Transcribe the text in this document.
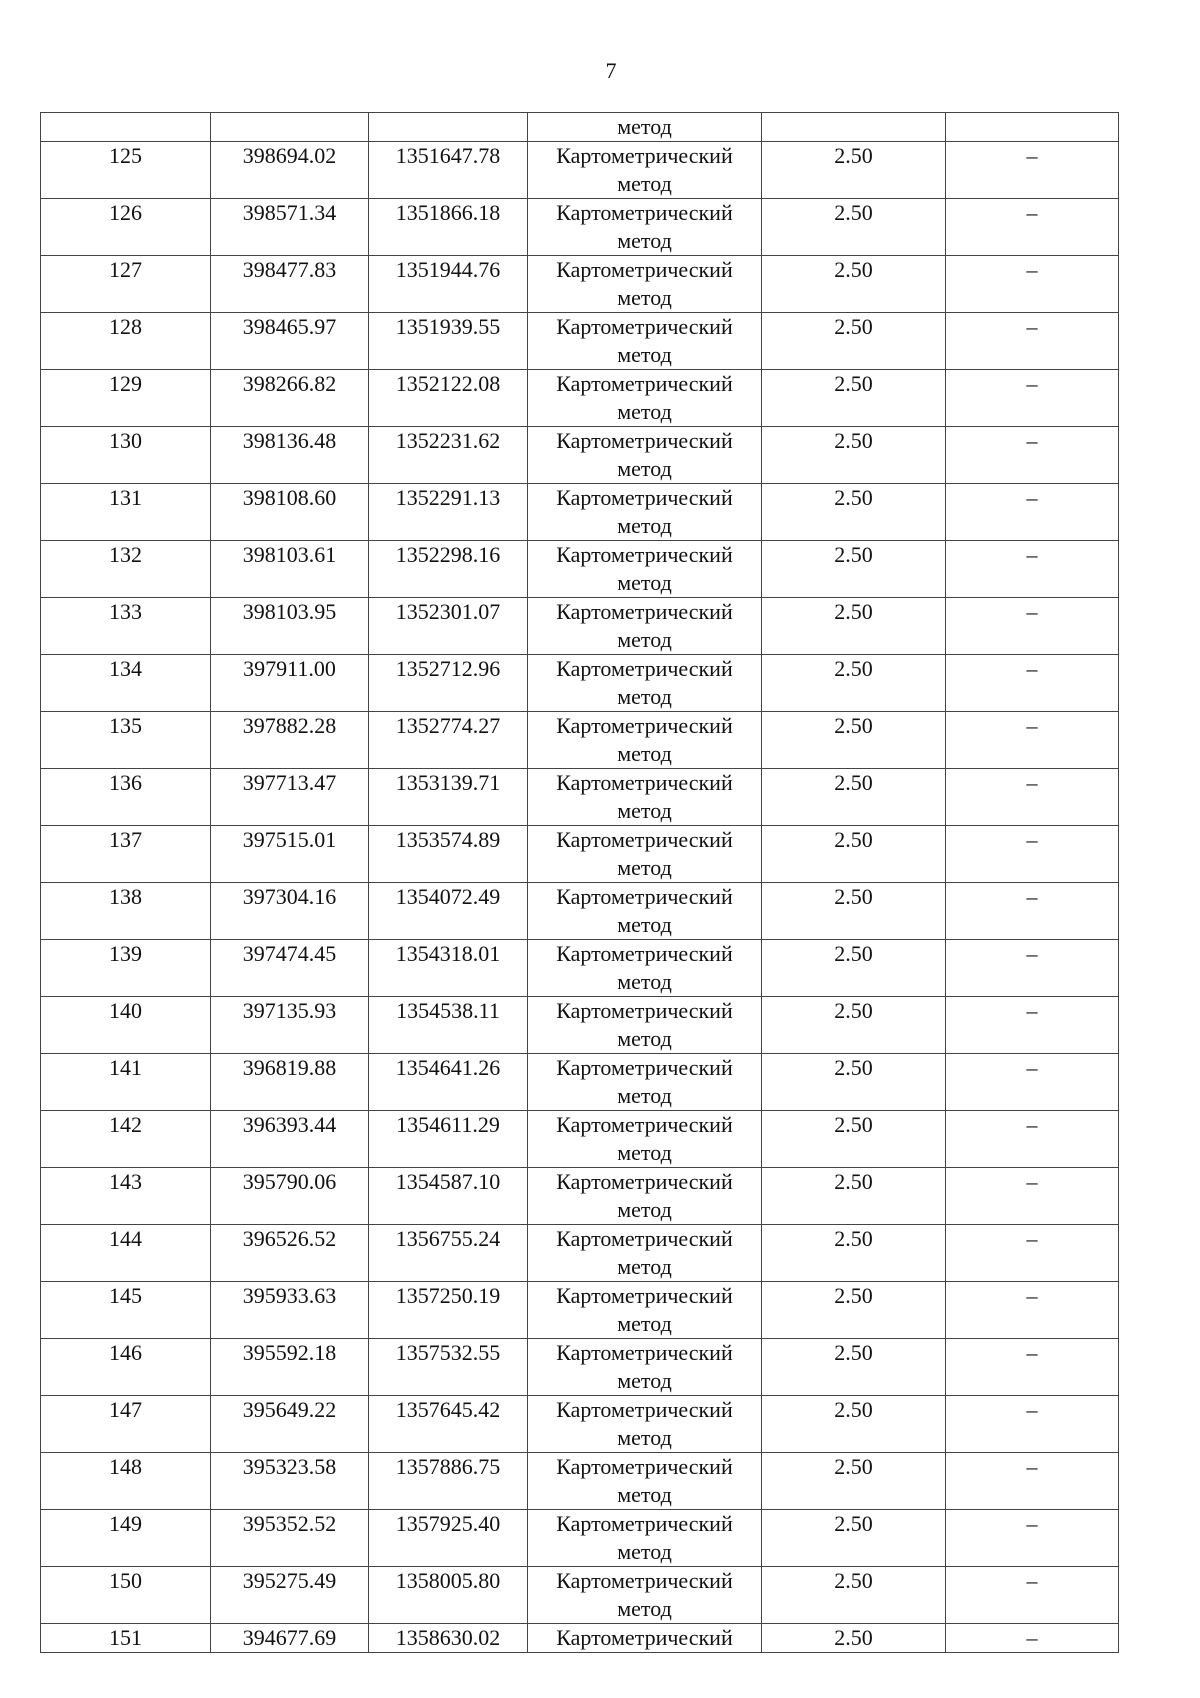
7
			метод		
125	398694.02	1351647.78	Картометрический
метод	2.50	–
126	398571.34	1351866.18	Картометрический
метод	2.50	–
127	398477.83	1351944.76	Картометрический
метод	2.50	–
128	398465.97	1351939.55	Картометрический
метод	2.50	–
129	398266.82	1352122.08	Картометрический
метод	2.50	–
130	398136.48	1352231.62	Картометрический
метод	2.50	–
131	398108.60	1352291.13	Картометрический
метод	2.50	–
132	398103.61	1352298.16	Картометрический
метод	2.50	–
133	398103.95	1352301.07	Картометрический
метод	2.50	–
134	397911.00	1352712.96	Картометрический
метод	2.50	–
135	397882.28	1352774.27	Картометрический
метод	2.50	–
136	397713.47	1353139.71	Картометрический
метод	2.50	–
137	397515.01	1353574.89	Картометрический
метод	2.50	–
138	397304.16	1354072.49	Картометрический
метод	2.50	–
139	397474.45	1354318.01	Картометрический
метод	2.50	–
140	397135.93	1354538.11	Картометрический
метод	2.50	–
141	396819.88	1354641.26	Картометрический
метод	2.50	–
142	396393.44	1354611.29	Картометрический
метод	2.50	–
143	395790.06	1354587.10	Картометрический
метод	2.50	–
144	396526.52	1356755.24	Картометрический
метод	2.50	–
145	395933.63	1357250.19	Картометрический
метод	2.50	–
146	395592.18	1357532.55	Картометрический
метод	2.50	–
147	395649.22	1357645.42	Картометрический
метод	2.50	–
148	395323.58	1357886.75	Картометрический
метод	2.50	–
149	395352.52	1357925.40	Картометрический
метод	2.50	–
150	395275.49	1358005.80	Картометрический
метод	2.50	–
151	394677.69	1358630.02	Картометрический	2.50	–
